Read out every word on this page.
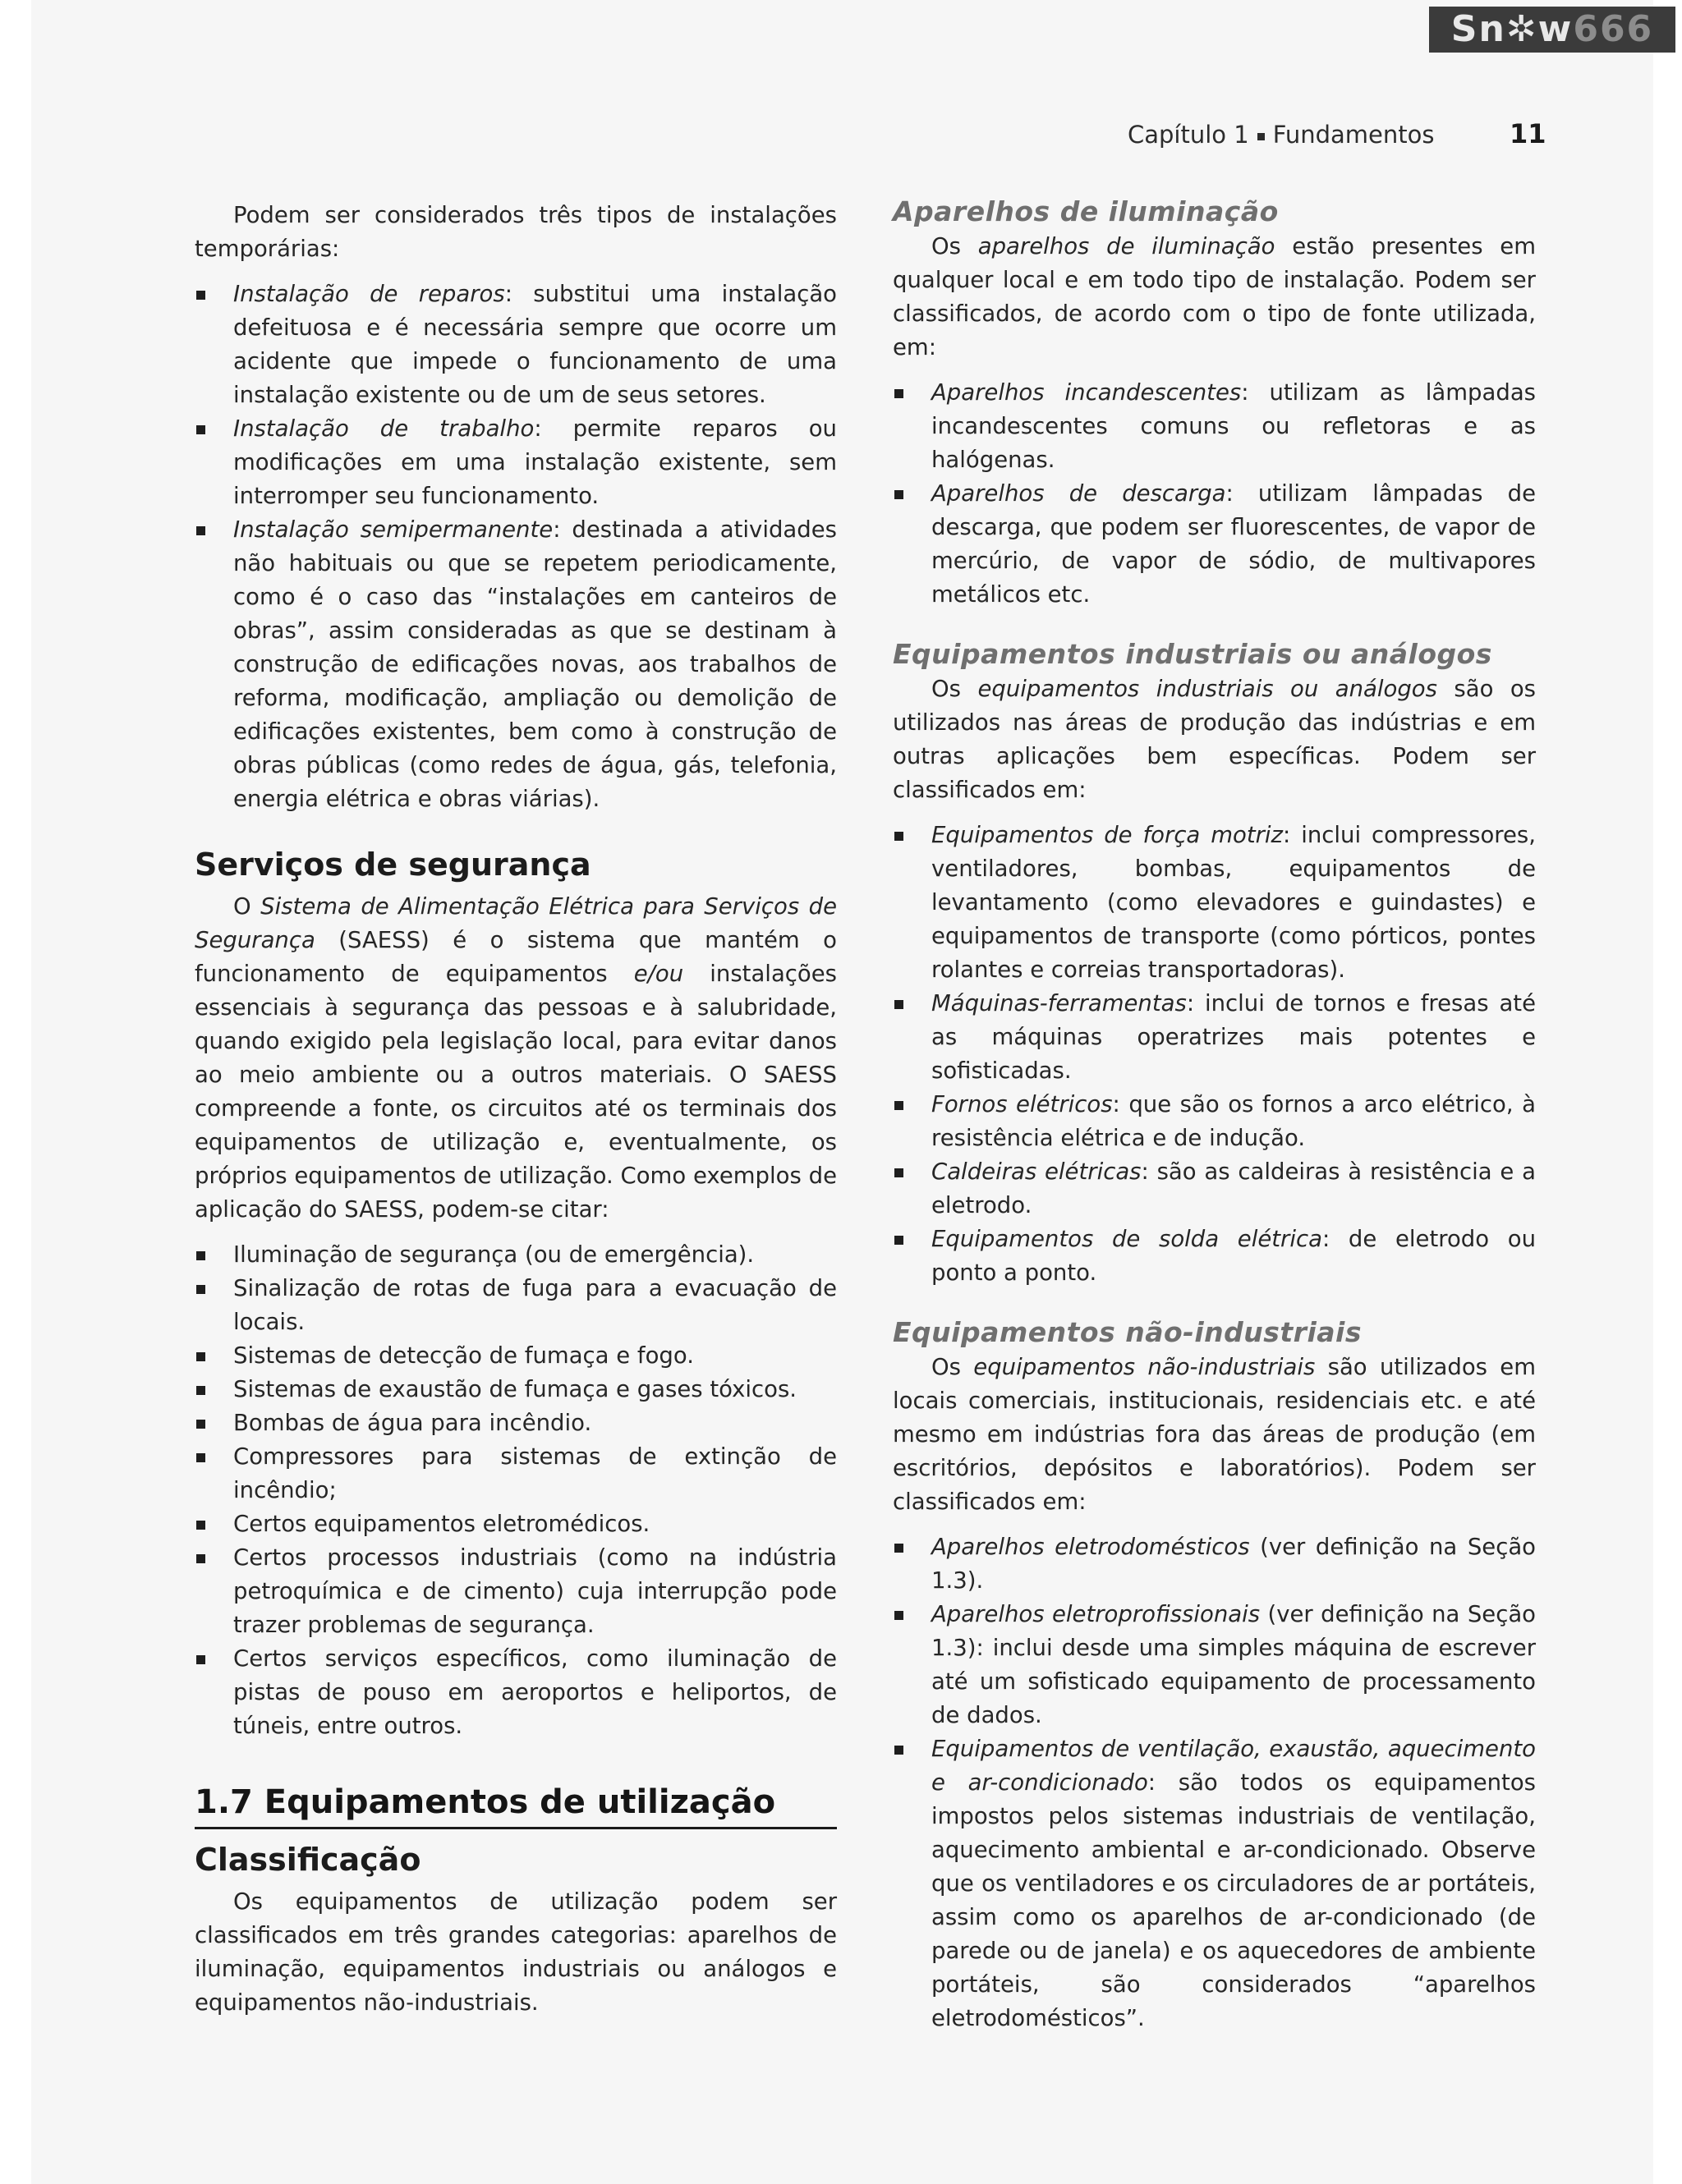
Sn✲w666
Capítulo 1 Fundamentos	11

Podem ser considerados três tipos de instalações temporárias:

Instalação de reparos: substitui uma instalação defeituosa e é necessária sempre que ocorre um acidente que impede o funcionamento de uma instalação existente ou de um de seus setores.
Instalação de trabalho: permite reparos ou modificações em uma instalação existente, sem interromper seu funcionamento.
Instalação semipermanente: destinada a atividades não habituais ou que se repetem periodicamente, como é o caso das “instalações em canteiros de obras”, assim consideradas as que se destinam à construção de edificações novas, aos trabalhos de reforma, modificação, ampliação ou demolição de edificações existentes, bem como à construção de obras públicas (como redes de água, gás, telefonia, energia elétrica e obras viárias).
Serviços de segurança

O Sistema de Alimentação Elétrica para Serviços de Segurança (SAESS) é o sistema que mantém o funcionamento de equipamentos e/ou instalações essenciais à segurança das pessoas e à salubridade, quando exigido pela legislação local, para evitar danos ao meio ambiente ou a outros materiais. O SAESS compreende a fonte, os circuitos até os terminais dos equipamentos de utilização e, eventualmente, os próprios equipamentos de utilização. Como exemplos de aplicação do SAESS, podem-se citar:

Iluminação de segurança (ou de emergência).
Sinalização de rotas de fuga para a evacuação de locais.
Sistemas de detecção de fumaça e fogo.
Sistemas de exaustão de fumaça e gases tóxicos.
Bombas de água para incêndio.
Compressores para sistemas de extinção de incêndio;
Certos equipamentos eletromédicos.
Certos processos industriais (como na indústria petroquímica e de cimento) cuja interrupção pode trazer problemas de segurança.
Certos serviços específicos, como iluminação de pistas de pouso em aeroportos e heliportos, de túneis, entre outros.
1.7 Equipamentos de utilização
Classificação

Os equipamentos de utilização podem ser classificados em três grandes categorias: aparelhos de iluminação, equipamentos industriais ou análogos e equipamentos não-industriais.

Aparelhos de iluminação

Os aparelhos de iluminação estão presentes em qualquer local e em todo tipo de instalação. Podem ser classificados, de acordo com o tipo de fonte utilizada, em:

Aparelhos incandescentes: utilizam as lâmpadas incandescentes comuns ou refletoras e as halógenas.
Aparelhos de descarga: utilizam lâmpadas de descarga, que podem ser fluorescentes, de vapor de mercúrio, de vapor de sódio, de multivapores metálicos etc.
Equipamentos industriais ou análogos

Os equipamentos industriais ou análogos são os utilizados nas áreas de produção das indústrias e em outras aplicações bem específicas. Podem ser classificados em:

Equipamentos de força motriz: inclui compressores, ventiladores, bombas, equipamentos de levantamento (como elevadores e guindastes) e equipamentos de transporte (como pórticos, pontes rolantes e correias transportadoras).
Máquinas-ferramentas: inclui de tornos e fresas até as máquinas operatrizes mais potentes e sofisticadas.
Fornos elétricos: que são os fornos a arco elétrico, à resistência elétrica e de indução.
Caldeiras elétricas: são as caldeiras à resistência e a eletrodo.
Equipamentos de solda elétrica: de eletrodo ou ponto a ponto.
Equipamentos não-industriais

Os equipamentos não-industriais são utilizados em locais comerciais, institucionais, residenciais etc. e até mesmo em indústrias fora das áreas de produção (em escritórios, depósitos e laboratórios). Podem ser classificados em:

Aparelhos eletrodomésticos (ver definição na Seção 1.3).
Aparelhos eletroprofissionais (ver definição na Seção 1.3): inclui desde uma simples máquina de escrever até um sofisticado equipamento de processamento de dados.
Equipamentos de ventilação, exaustão, aquecimento e ar-condicionado: são todos os equipamentos impostos pelos sistemas industriais de ventilação, aquecimento ambiental e ar-condicionado. Observe que os ventiladores e os circuladores de ar portáteis, assim como os aparelhos de ar-condicionado (de parede ou de janela) e os aquecedores de ambiente portáteis, são considerados “aparelhos eletrodomésticos”.
